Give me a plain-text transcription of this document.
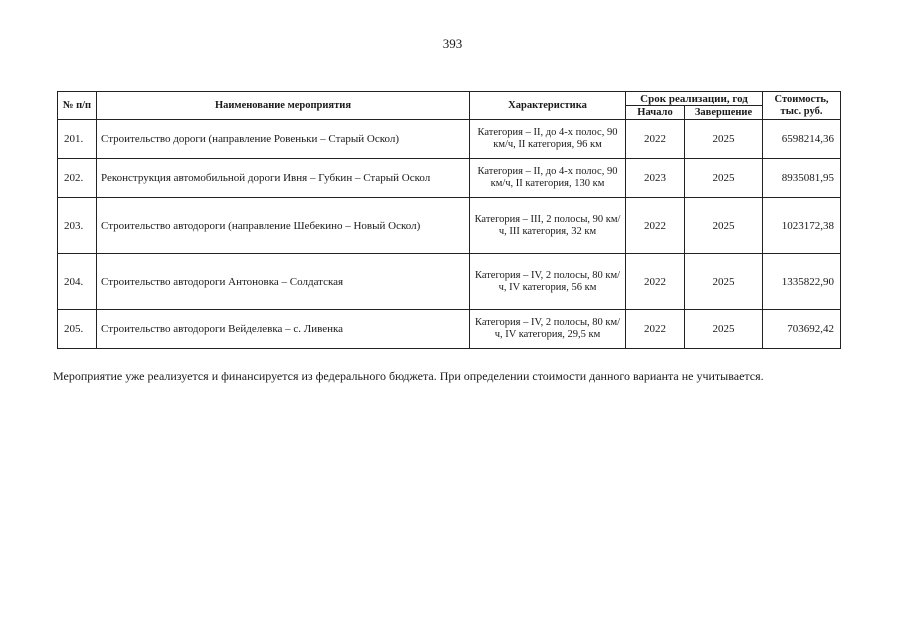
393
№ п/п	Наименование мероприятия	Характеристика	Срок реализации, год		Стоимость, тыс. руб.
			Начало	Завершение	
201.	Строительство дороги (направление Ровеньки – Старый Оскол)	Категория – II, до 4-х полос, 90 км/ч, II категория, 96 км	2022	2025	6598214,36
202.	Реконструкция автомобильной дороги Ивня – Губкин – Старый Оскол	Категория – II, до 4-х полос, 90 км/ч, II категория, 130 км	2023	2025	8935081,95
203.	Строительство автодороги (направление Шебекино – Новый Оскол)	Категория – III, 2 полосы, 90 км/ч, III категория, 32 км	2022	2025	1023172,38
204.	Строительство автодороги Антоновка – Солдатская	Категория – IV, 2 полосы, 80 км/ч, IV категория, 56 км	2022	2025	1335822,90
205.	Строительство автодороги Вейделевка – с. Ливенка	Категория – IV, 2 полосы, 80 км/ч, IV категория, 29,5 км	2022	2025	703692,42
Мероприятие уже реализуется и финансируется из федерального бюджета. При определении стоимости данного варианта не учитывается.
